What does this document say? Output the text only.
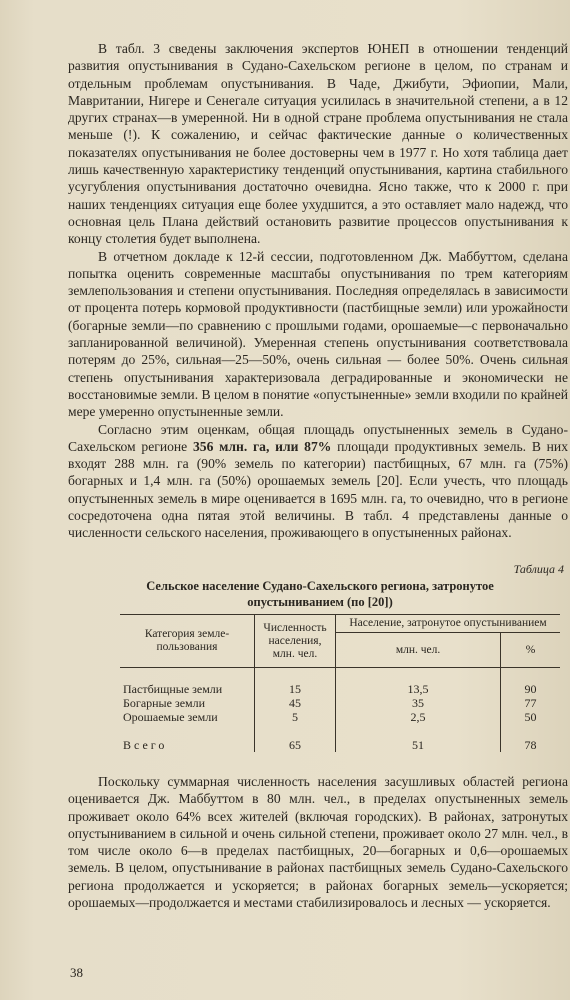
В табл. 3 сведены заключения экспертов ЮНЕП в отношении тенденций развития опустынивания в Судано-Сахельском регионе в целом, по странам и отдельным проблемам опустынивания. В Чаде, Джибути, Эфиопии, Мали, Мавритании, Нигере и Сенегале ситуация усилилась в значительной степени, а в 12 других странах—в умеренной. Ни в одной стране проблема опустынивания не стала меньше (!). К сожалению, и сейчас фактические данные о количественных показателях опустынивания не более достоверны чем в 1977 г. Но хотя таблица дает лишь качественную характеристику тенденций опустынивания, картина стабильного усугубления опустынивания достаточно очевидна. Ясно также, что к 2000 г. при наших тенденциях ситуация еще более ухудшится, а это оставляет мало надежд, что основная цель Плана действий остановить развитие процессов опустынивания к концу столетия будет выполнена.

В отчетном докладе к 12-й сессии, подготовленном Дж. Маббуттом, сделана попытка оценить современные масштабы опустынивания по трем категориям землепользования и степени опустынивания. Последняя определялась в зависимости от процента потерь кормовой продуктивности (пастбищные земли) или урожайности (богарные земли—по сравнению с прошлыми годами, орошаемые—с первоначально запланированной величиной). Умеренная степень опустынивания соответствовала потерям до 25%, сильная—25—50%, очень сильная — более 50%. Очень сильная степень опустынивания характеризовала деградированные и экономически не восстановимые земли. В целом в понятие «опустыненные» земли входили по крайней мере умеренно опустыненные земли.

Согласно этим оценкам, общая площадь опустыненных земель в Судано-Сахельском регионе 356 млн. га, или 87% площади продуктивных земель. В них входят 288 млн. га (90% земель по категории) пастбищных, 67 млн. га (75%) богарных и 1,4 млн. га (50%) орошаемых земель [20]. Если учесть, что площадь опустыненных земель в мире оценивается в 1695 млн. га, то очевидно, что в регионе сосредоточена одна пятая этой величины. В табл. 4 представлены данные о численности сельского населения, проживающего в опустыненных районах.

Таблица 4
Сельское население Судано-Сахельского региона, затронутое опустыниванием (по [20])
Категория земле-пользования	Численность населения, млн. чел.	Население, затронутое опустыниванием	
		млн. чел.	%

Пастбищные земли	15	13,5	90
Богарные земли	45	35	77
Орошаемые земли	5	2,5	50

Всего	65	51	78

Поскольку суммарная численность населения засушливых областей региона оценивается Дж. Маббуттом в 80 млн. чел., в пределах опустыненных земель проживает около 64% всех жителей (включая городских). В районах, затронутых опустыниванием в сильной и очень сильной степени, проживает около 27 млн. чел., в том числе около 6—в пределах пастбищных, 20—богарных и 0,6—орошаемых земель. В целом, опустынивание в районах пастбищных земель Судано-Сахельского региона продолжается и ускоряется; в районах богарных земель—ускоряется; орошаемых—продолжается и местами стабилизировалось и лесных — ускоряется.

38
